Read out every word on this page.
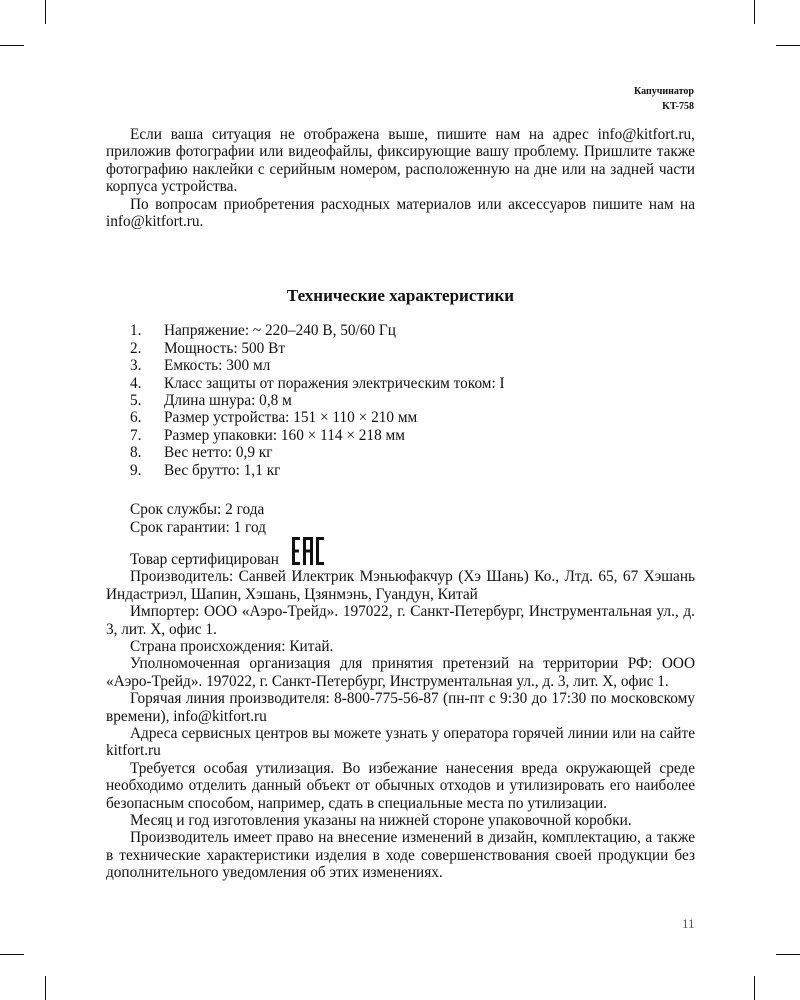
Капучинатор
KT-758

Если ваша ситуация не отображена выше, пишите нам на адрес info@kitfort.ru, приложив фотографии или видеофайлы, фиксирующие вашу проблему. Пришлите также фотографию наклейки с серийным номером, расположенную на дне или на задней части корпуса устройства.

По вопросам приобретения расходных материалов или аксессуаров пишите нам на info@kitfort.ru.

Технические характеристики
1.	Напряжение: ~ 220–240 В, 50/60 Гц
2.	Мощность: 500 Вт
3.	Емкость: 300 мл
4.	Класс защиты от поражения электрическим током: I
5.	Длина шнура: 0,8 м
6.	Размер устройства: 151 × 110 × 210 мм
7.	Размер упаковки: 160 × 114 × 218 мм
8.	Вес нетто: 0,9 кг
9.	Вес брутто: 1,1 кг

Срок службы: 2 года

Срок гарантии: 1 год

Товар сертифицирован

Производитель: Санвей Илектрик Мэньюфакчур (Хэ Шань) Ко., Лтд. 65, 67 Хэшань Индастриэл, Шапин, Хэшань, Цзянмэнь, Гуандун, Китай

Импортер: ООО «Аэро-Трейд». 197022, г. Санкт-Петербург, Инструментальная ул., д. 3, лит. Х, офис 1.

Страна происхождения: Китай.

Уполномоченная организация для принятия претензий на территории РФ: ООО «Аэро-Трейд». 197022, г. Санкт-Петербург, Инструментальная ул., д. 3, лит. Х, офис 1.

Горячая линия производителя: 8-800-775-56-87 (пн-пт с 9:30 до 17:30 по московскому времени), info@kitfort.ru

Адреса сервисных центров вы можете узнать у оператора горячей линии или на сайте kitfort.ru

Требуется особая утилизация. Во избежание нанесения вреда окружающей среде необходимо отделить данный объект от обычных отходов и утилизировать его наиболее безопасным способом, например, сдать в специальные места по утилизации.

Месяц и год изготовления указаны на нижней стороне упаковочной коробки.

Производитель имеет право на внесение изменений в дизайн, комплектацию, а также в технические характеристики изделия в ходе совершенствования своей продукции без дополнительного уведомления об этих изменениях.

11
